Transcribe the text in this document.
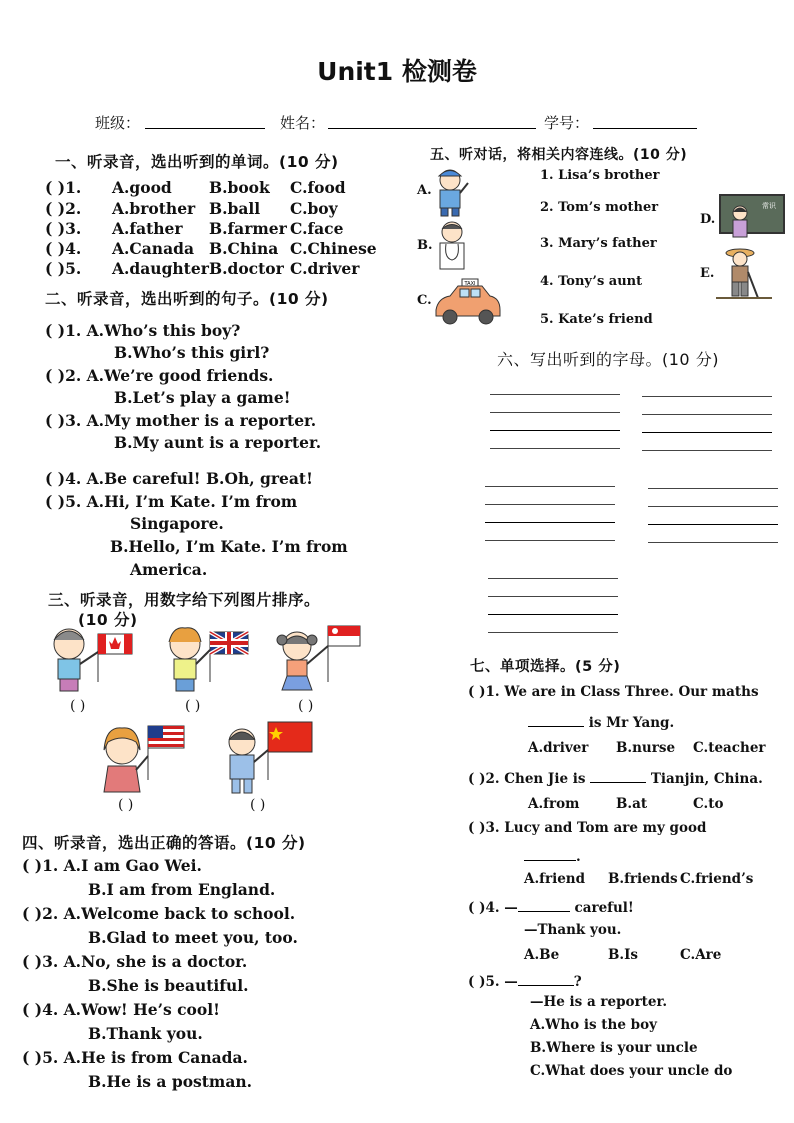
Unit1 检测卷
班级：	姓名：	学号：
一、听录音，选出听到的单词。(10 分)
( )1. A.good B.book C.food
( )2. A.brother B.ball C.boy
( )3. A.father B.farmer C.face
( )4. A.Canada B.China C.Chinese
( )5. A.daughter B.doctor C.driver
二、听录音，选出听到的句子。(10 分)
( )1. A.Who’s this boy?
B.Who’s this girl?
( )2. A.We’re good friends.
B.Let’s play a game!
( )3. A.My mother is a reporter.
B.My aunt is a reporter.
( )4. A.Be careful! B.Oh, great!
( )5. A.Hi, I’m Kate. I’m from
Singapore.
B.Hello, I’m Kate. I’m from
America.
三、听录音，用数字给下列图片排序。
(10 分)
( )	( )	( )
( )	( )
四、听录音，选出正确的答语。(10 分)
( )1. A.I am Gao Wei.
B.I am from England.
( )2. A.Welcome back to school.
B.Glad to meet you, too.
( )3. A.No, she is a doctor.
B.She is beautiful.
( )4. A.Wow! He’s cool!
B.Thank you.
( )5. A.He is from Canada.
B.He is a postman.
五、听对话，将相关内容连线。(10 分)
A.
B.
C.
TAXI
1. Lisa’s brother
2. Tom’s mother
3. Mary’s father
4. Tony’s aunt
5. Kate’s friend
D.
E.
常识
六、写出听到的字母。(10 分)
七、单项选择。(5 分)
( )1. We are in Class Three. Our maths
is Mr Yang.
A.driver B.nurse C.teacher
( )2. Chen Jie is	Tianjin, China.
A.from	B.at	C.to
( )3. Lucy and Tom are my good
.
A.friend B.friends C.friend’s
( )4. —	careful!
—Thank you.
A.Be	B.Is	C.Are
( )5. —	?
—He is a reporter.
A.Who is the boy
B.Where is your uncle
C.What does your uncle do
